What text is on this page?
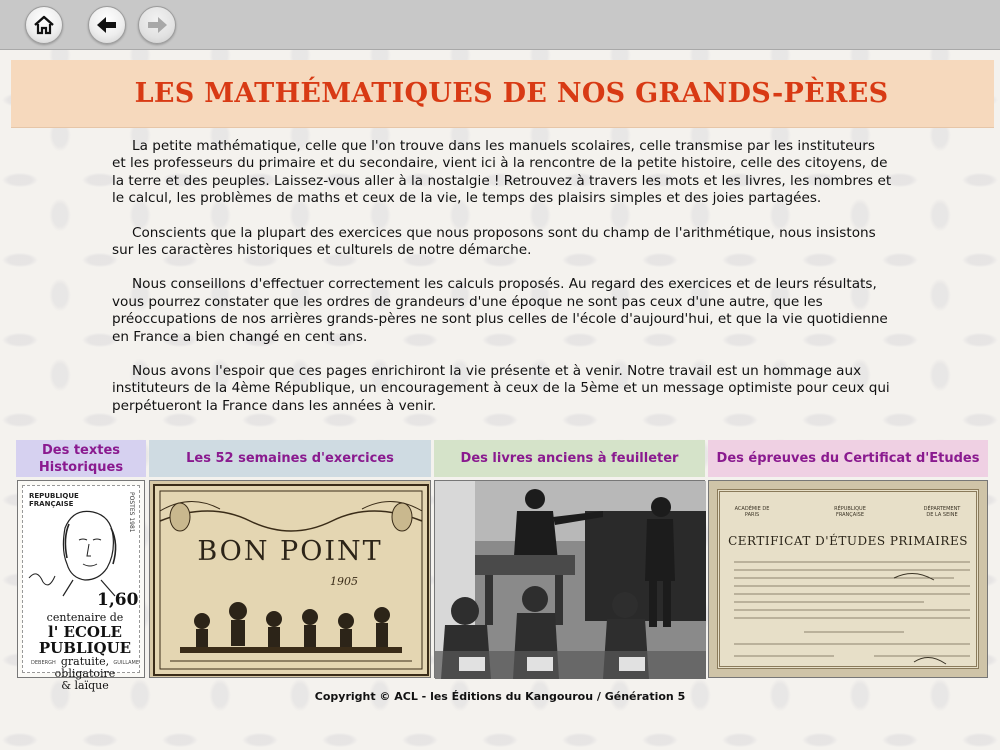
LES MATHÉMATIQUES DE NOS GRANDS-PÈRES

La petite mathématique, celle que l'on trouve dans les manuels scolaires, celle transmise par les instituteurs et les professeurs du primaire et du secondaire, vient ici à la rencontre de la petite histoire, celle des citoyens, de la terre et des peuples. Laissez-vous aller à la nostalgie ! Retrouvez à travers les mots et les livres, les nombres et le calcul, les problèmes de maths et ceux de la vie, le temps des plaisirs simples et des joies partagées.

Conscients que la plupart des exercices que nous proposons sont du champ de l'arithmétique, nous insistons sur les caractères historiques et culturels de notre démarche.

Nous conseillons d'effectuer correctement les calculs proposés. Au regard des exercices et de leurs résultats, vous pourrez constater que les ordres de grandeurs d'une époque ne sont pas ceux d'une autre, que les préoccupations de nos arrières grands-pères ne sont plus celles de l'école d'aujourd'hui, et que la vie quotidienne en France a bien changé en cent ans.

Nous avons l'espoir que ces pages enrichiront la vie présente et à venir. Notre travail est un hommage aux instituteurs de la 4ème République, un encouragement à ceux de la 5ème et un message optimiste pour ceux qui perpétueront la France dans les années à venir.

Des textes Historiques
Les 52 semaines d'exercices	Des livres anciens à feuilleter	Des épreuves du Certificat d'Etudes
REPUBLIQUE FRANÇAISE	POSTES 1981
1,60
centenaire de
l' ECOLE
PUBLIQUE
gratuite, obligatoire
& laïque
DEBERGH	GUILLAME
BON POINT
1905
ACADÉMIE DE PARIS
RÉPUBLIQUE FRANÇAISE
DÉPARTEMENT DE LA SEINE
CERTIFICAT D'ÉTUDES PRIMAIRES
Copyright © ACL - les Éditions du Kangourou / Génération 5
